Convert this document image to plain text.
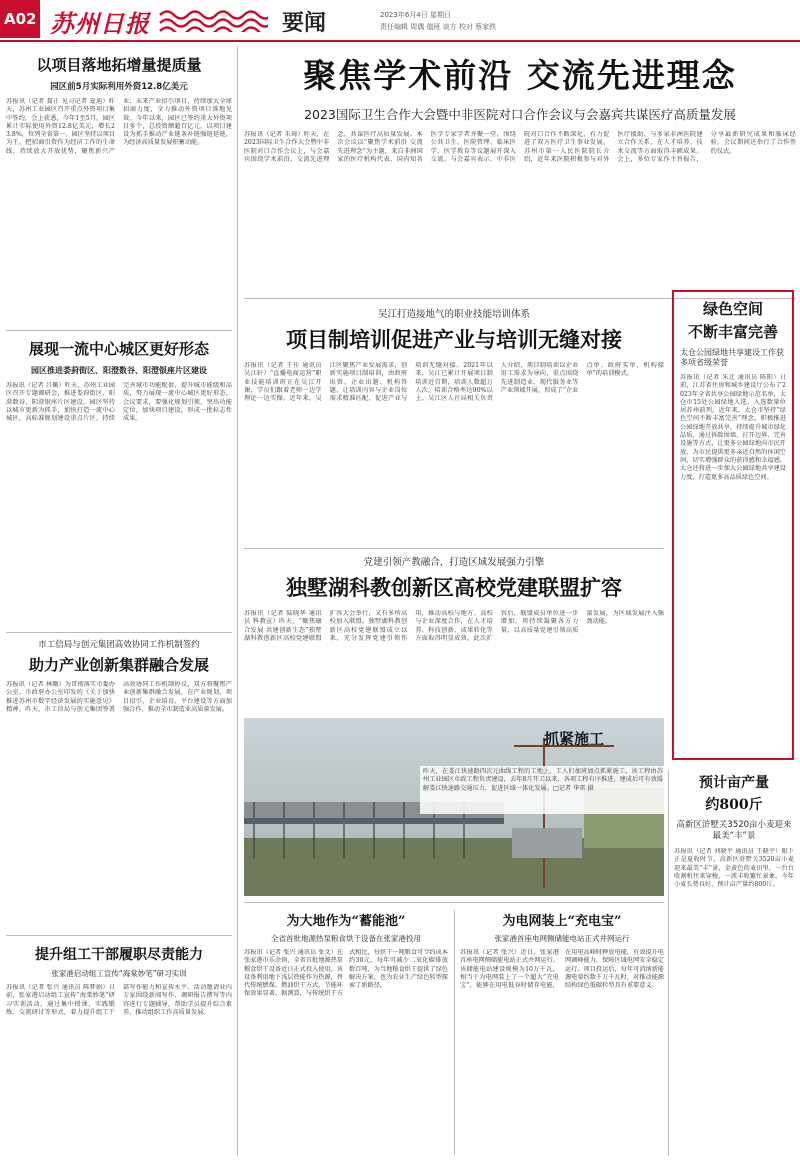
A02 苏州日报	要闻	2023年6月4日 星期日
责任编辑 周偶 值班 谈方 校对 蔡家铁
以项目落地拓增量提质量
园区前5月实际利用外资12.8亿美元
苏报讯（记者 聂正 见习记者 夏迪）昨天，苏州工业园区召开重点外资项目集中签约，会上获悉，今年1至5月，园区累计实际使用外资12.8亿美元，增长23.8%，位列全省第一。园区坚持以项目为王，把招商引资作为经济工作的生命线，持续放大开放优势，聚焦新兴产业、未来产业招引项目，持续加大全球招商力度，全力推动外资项目落地见效。今年以来，园区已签约重大外资项目多个，总投资额超百亿元，以项目建设为抓手推动产业链条补链强链延链，为经济高质量发展积蓄动能。
展现一流中心城区更好形态
园区推进娄葑街区、阳澄数谷、阳澄银座片区建设
苏报讯（记者 吕佩）昨天，苏州工业园区召开专题调研会，推进娄葑街区、阳澄数谷、阳澄银座片区建设。园区坚持以城市更新为抓手，加快打造一流中心城区，高标准规划建设重点片区，持续完善城市功能配套，提升城市能级和品质，努力展现一流中心城区更好形态。会议要求，要强化规划引领，突出功能定位，加快项目建设，形成一批标志性成果。
市工信局与创元集团高效协同工作机制签约
助力产业创新集群融合发展
苏报讯（记者 林珊）为贯彻落实市委办公室、市政府办公室印发的《关于加快推进苏州市数字经济发展的实施意见》精神，昨天，市工信局与创元集团签署高效协同工作机制协议，双方将聚焦产业创新集群融合发展，在产业规划、项目招引、企业培育、平台建设等方面加强合作，推动全市制造业高质量发展。
提升组工干部履职尽责能力
张家港启动组工宣传“海棠妙笔”研习实训
苏报讯（记者 张兴 通讯员 陈梦娟）日前，张家港启动组工宣传“海棠妙笔”研习实训活动，通过集中授课、实践锻炼、交流研讨等形式，着力提升组工干部写作能力和宣传水平。活动邀请业内专家围绕新闻写作、调研报告撰写等内容进行专题辅导，帮助学员提升综合素养，推动组织工作高质量发展。
聚焦学术前沿 交流先进理念
2023国际卫生合作大会暨中非医院对口合作会议与会嘉宾共谋医疗高质量发展
苏报讯（记者 朱琦）昨天，在2023国际卫生合作大会暨中非医院对口合作会议上，与会嘉宾围绕学术前沿、交流先进理念，共谋医疗高质量发展。本次会议以“聚焦学术前沿 交流先进理念”为主题，来自非洲国家的医疗机构代表、国内知名医学专家学者齐聚一堂，围绕公共卫生、医院管理、临床医学、医学教育等议题展开深入交流。与会嘉宾表示，中非医院对口合作不断深化，有力促进了双方医疗卫生事业发展。苏州市第一人民医院院长介绍，近年来医院积极参与对外医疗援助，与多家非洲医院建立合作关系，在人才培养、技术交流等方面取得丰硕成果。会上，多位专家作主旨报告，分享最新研究成果和临床经验。会议期间还举行了合作签约仪式。
绿色空间
不断丰富完善
太仓公园绿地共享建设工作获多项省级荣誉
苏报讯（记者 朱迁 通讯员 陈阳）日前，江苏省住房和城乡建设厅公布了2023年全省共享公园绿地示范名单，太仓市15处公园绿地入选，入选数量位居苏州前列。近年来，太仓市坚持“绿色空间不断丰富完善”理念，积极推进公园绿地开放共享，持续提升城市绿化品质，通过拆除围墙、打开边界、完善设施等方式，让更多公园绿地向市民开放，为市民提供更多亲近自然的休闲空间，切实增强群众的获得感和幸福感。太仓还将进一步加大公园绿地共享建设力度，打造更多高品质绿色空间。
吴江打造接地气的职业技能培训体系
项目制培训促进产业与培训无缝对接
苏报讯（记者 王佳 通讯员 吴江轩）“直播电商运营”职业技能培训班正在吴江开课，学员们跟着老师一边学理论一边实操。近年来，吴江区聚焦产业发展需求，创新实施项目制培训，由政府出资、企业出题、机构答题，让培训内容与企业岗位需求精准匹配，促进产业与培训无缝对接。2021年以来，吴江已累计开展项目制培训近百期，培训人数超万人次，培训合格率达90%以上。吴江区人社局相关负责人介绍，项目制培训以企业用工需求为导向，重点围绕先进制造业、现代服务业等产业领域开展，形成了“企业点单、政府买单、机构接单”的培训模式。
党建引领产教融合，打造区域发展强力引擎
独墅湖科教创新区高校党建联盟扩容
苏报讯（记者 陆晓华 通讯员 科教宣）昨天，“聚焦融合发展 共建创新生态”独墅湖科教创新区高校党建联盟扩容大会举行，又有多所高校加入联盟。独墅湖科教创新区高校党建联盟成立以来，充分发挥党建引领作用，推动高校与地方、高校与企业深度合作，在人才培养、科技创新、成果转化等方面取得明显成效。此次扩容后，联盟成员单位进一步增加，将持续凝聚各方力量，以高质量党建引领高质量发展，为区域发展注入强劲动能。
抓紧施工
昨天，在娄江快速路四次元曲线工程的工地上，工人们加班加点抓紧施工，该工程由苏州工业园区市政工程负责建设，去年8月开工以来，各项工程有序推进，建成后可有效缓解娄江快速路交通压力，促进区域一体化发展。□记者 华雷 摄
为大地作为“蓄能池”
全省首批地源热泵粮食烘干设备在张家港投用
苏报讯（记者 张兴 通讯员 张文）在张家港市乐余镇，全省首批地源热泵粮食烘干设备近日正式投入使用。该设备利用地下浅层热能作为热源，替代传统燃煤、燃油烘干方式，节能环保效果显著。据测算，与传统烘干方式相比，每烘干一吨粮食可节约成本约30元，每年可减少二氧化碳排放数百吨，为当地粮食烘干提供了绿色解决方案，也为农业生产绿色转型探索了新路径。
为电网装上“充电宝”
张家港首座电网侧储能电站正式并网运行
苏报讯（记者 张兴）近日，张家港首座电网侧储能电站正式并网运行。该储能电站建设规模为10万千瓦，相当于为电网装上了一个超大“充电宝”，能够在用电低谷时储存电能，在用电高峰时释放电能，有效提升电网调峰能力，保障区域电网安全稳定运行。项目投运后，每年可消纳新能源电量约数千万千瓦时，对推动能源结构绿色低碳转型具有重要意义。
预计亩产量
约800斤
高新区浒墅关3520亩小麦迎来最美“丰”景
苏报讯（记者 刘晓平 通讯员 王晓平）眼下正是夏收时节，高新区浒墅关3520亩小麦迎来最美“丰”景，金黄色的麦田里，一台台收割机往来穿梭，一派丰收繁忙景象。今年小麦长势良好，预计亩产量约800斤。
